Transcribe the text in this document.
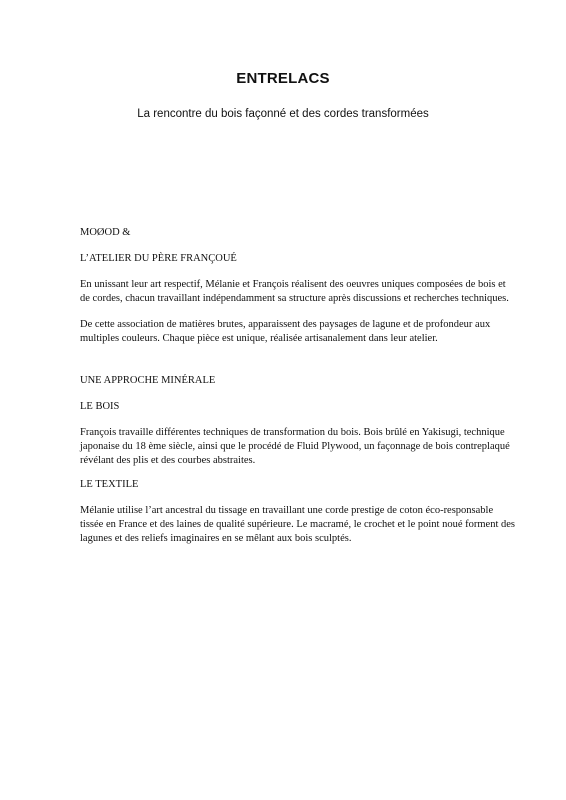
ENTRELACS

La rencontre du bois façonné et des cordes transformées

MOØOD &

L’ATELIER DU PÈRE FRANÇOUÉ

En unissant leur art respectif, Mélanie et François réalisent des oeuvres uniques composées de bois et de cordes, chacun travaillant indépendamment sa structure après discussions et recherches techniques.

De cette association de matières brutes, apparaissent des paysages de lagune et de profondeur aux multiples couleurs. Chaque pièce est unique, réalisée artisanalement dans leur atelier.

UNE APPROCHE MINÉRALE

LE BOIS

François travaille différentes techniques de transformation du bois. Bois brûlé en Yakisugi, technique japonaise du 18 ème siècle, ainsi que le procédé de Fluid Plywood, un façonnage de bois contreplaqué révélant des plis et des courbes abstraites.

LE TEXTILE

Mélanie utilise l’art ancestral du tissage en travaillant une corde prestige de coton éco-responsable tissée en France et des laines de qualité supérieure. Le macramé, le crochet et le point noué forment des lagunes et des reliefs imaginaires en se mêlant aux bois sculptés.
